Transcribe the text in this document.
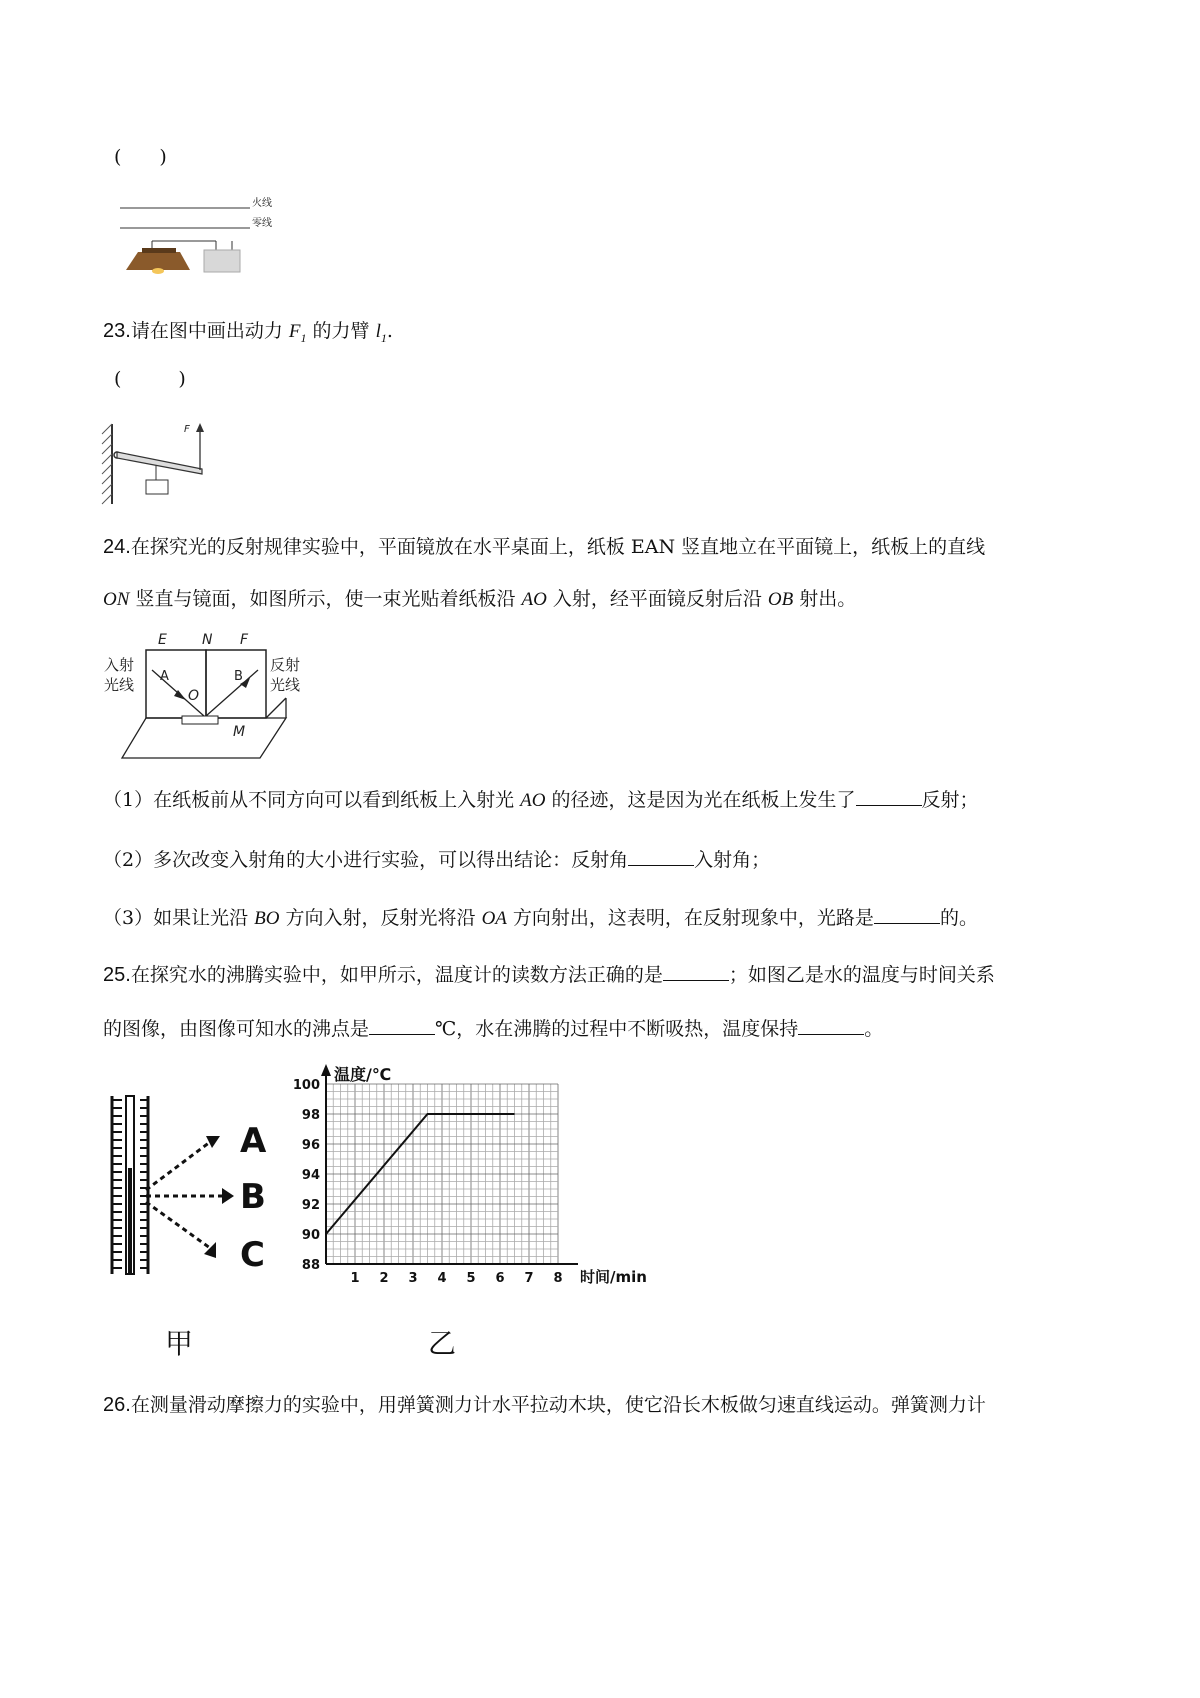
(　　)
火线
零线
23.请在图中画出动力 $F_1$ 的力臂 $l_1$.
(　　　)
F
24.在探究光的反射规律实验中，平面镜放在水平桌面上，纸板 EAN 竖直地立在平面镜上，纸板上的直线
ON 竖直与镜面，如图所示，使一束光贴着纸板沿 AO 入射，经平面镜反射后沿 OB 射出。
E	N F
O
M
A	B
入射
光线
反射
光线
（1）在纸板前从不同方向可以看到纸板上入射光 AO 的径迹，这是因为光在纸板上发生了	反射；
（2）多次改变入射角的大小进行实验，可以得出结论：反射角	入射角；
（3）如果让光沿 BO 方向入射，反射光将沿 OA 方向射出，这表明，在反射现象中，光路是	的。
25.在探究水的沸腾实验中，如甲所示，温度计的读数方法正确的是	；如图乙是水的温度与时间关系
的图像，由图像可知水的沸点是	℃，水在沸腾的过程中不断吸热，温度保持	。
A
B
C	88
90
92
94
96
98
100
1 2 3 4 5 6 7 8
温度/℃
时间/min
甲	乙
26.在测量滑动摩擦力的实验中，用弹簧测力计水平拉动木块，使它沿长木板做匀速直线运动。弹簧测力计
